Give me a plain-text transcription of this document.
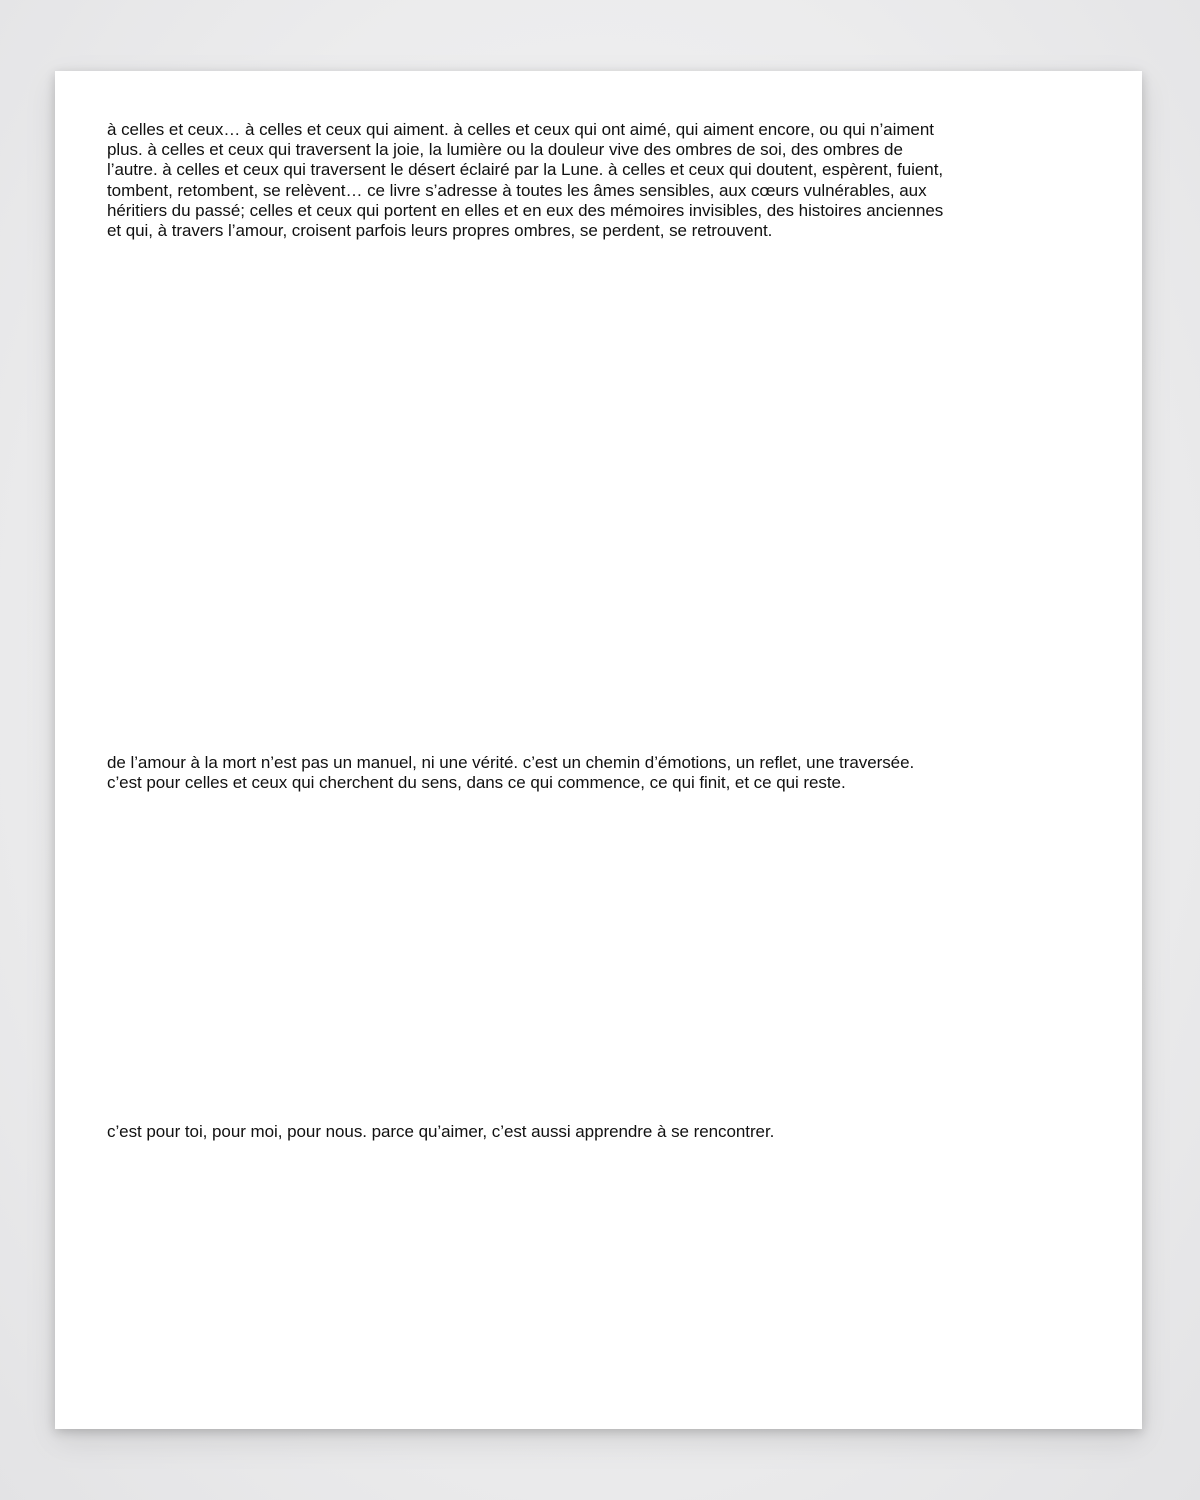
à celles et ceux… à celles et ceux qui aiment. à celles et ceux qui ont aimé, qui aiment encore, ou qui n’aiment
plus. à celles et ceux qui traversent la joie, la lumière ou la douleur vive des ombres de soi, des ombres de
l’autre. à celles et ceux qui traversent le désert éclairé par la Lune. à celles et ceux qui doutent, espèrent, fuient,
tombent, retombent, se relèvent… ce livre s’adresse à toutes les âmes sensibles, aux cœurs vulnérables, aux
héritiers du passé; celles et ceux qui portent en elles et en eux des mémoires invisibles, des histoires anciennes
et qui, à travers l’amour, croisent parfois leurs propres ombres, se perdent, se retrouvent.

de l’amour à la mort n’est pas un manuel, ni une vérité. c’est un chemin d’émotions, un reflet, une traversée.
c’est pour celles et ceux qui cherchent du sens, dans ce qui commence, ce qui finit, et ce qui reste.

c’est pour toi, pour moi, pour nous. parce qu’aimer, c’est aussi apprendre à se rencontrer.
